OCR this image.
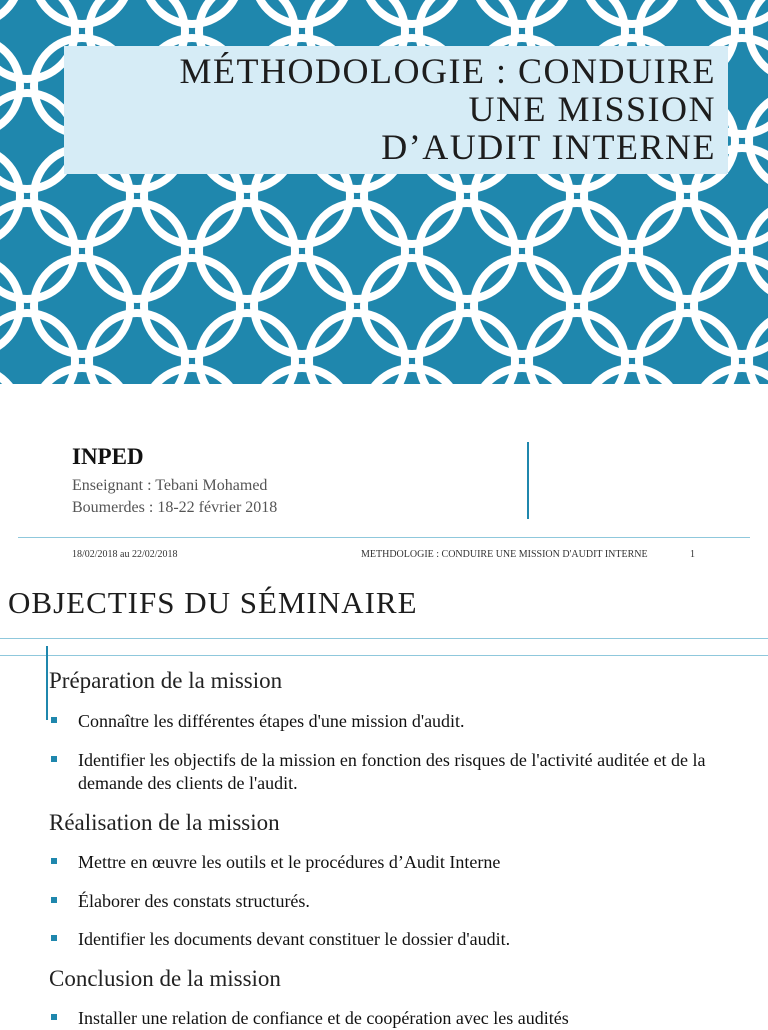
MÉTHODOLOGIE : CONDUIRE
UNE MISSION
D’AUDIT INTERNE
INPED
Enseignant : Tebani Mohamed
Boumerdes : 18-22 février 2018
18/02/2018 au 22/02/2018	METHDOLOGIE : CONDUIRE UNE MISSION D'AUDIT INTERNE	1
OBJECTIFS DU SÉMINAIRE
Préparation de la mission
Connaître les différentes étapes d'une mission d'audit.
Identifier les objectifs de la mission en fonction des risques de l'activité auditée et de la demande des clients de l'audit.
Réalisation de la mission
Mettre en œuvre les outils et le procédures d’Audit Interne
Élaborer des constats structurés.
Identifier les documents devant constituer le dossier d'audit.
Conclusion de la mission
Installer une relation de confiance et de coopération avec les audités
